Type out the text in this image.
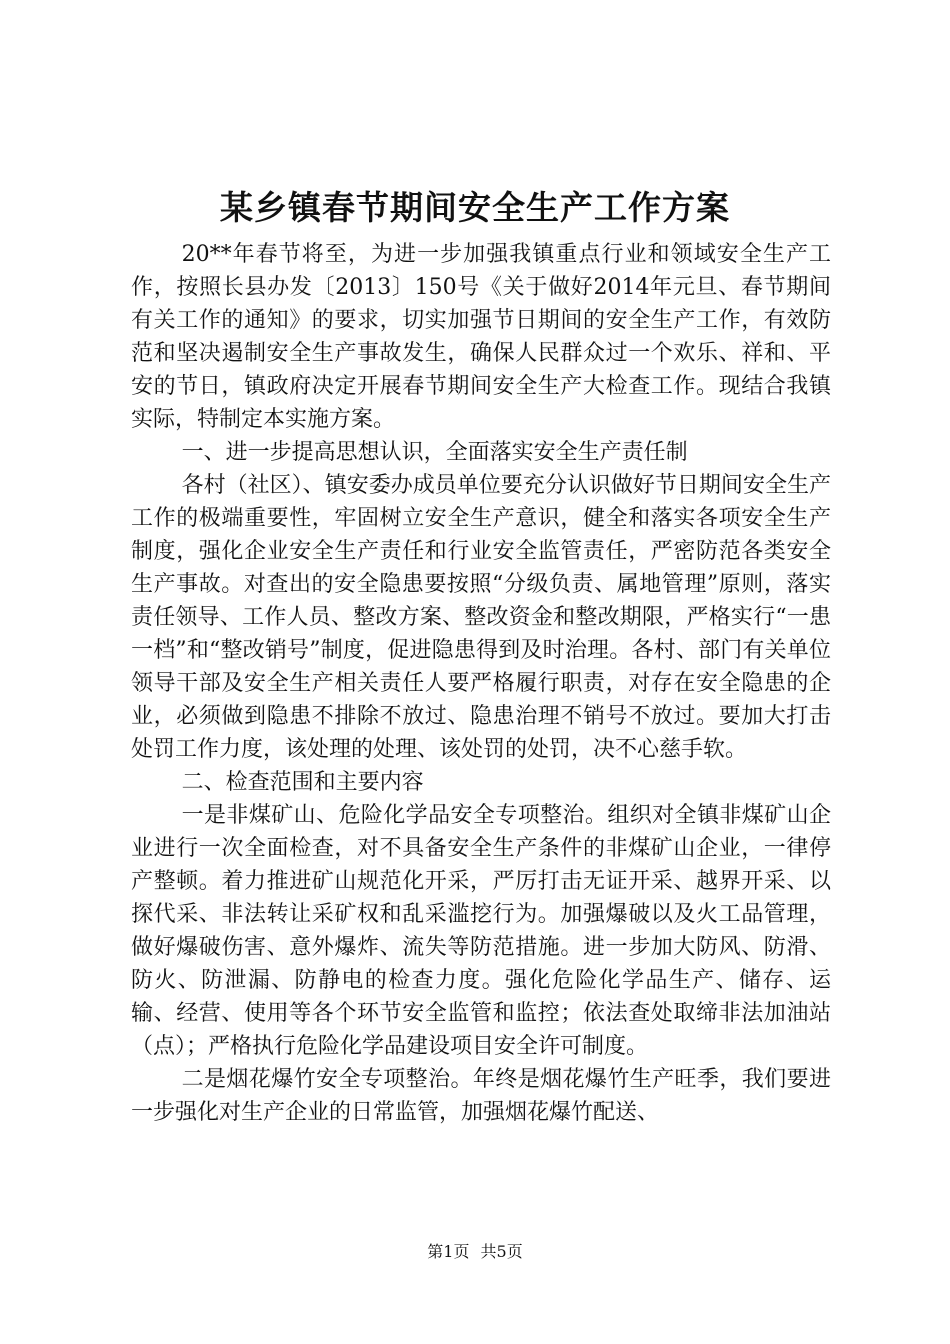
某乡镇春节期间安全生产工作方案

20**年春节将至，为进一步加强我镇重点行业和领域安全生产工作，按照长县办发〔2013〕150号《关于做好2014年元旦、春节期间有关工作的通知》的要求，切实加强节日期间的安全生产工作，有效防范和坚决遏制安全生产事故发生，确保人民群众过一个欢乐、祥和、平安的节日，镇政府决定开展春节期间安全生产大检查工作。现结合我镇实际，特制定本实施方案。

一、进一步提高思想认识，全面落实安全生产责任制

各村（社区）、镇安委办成员单位要充分认识做好节日期间安全生产工作的极端重要性，牢固树立安全生产意识，健全和落实各项安全生产制度，强化企业安全生产责任和行业安全监管责任，严密防范各类安全生产事故。对查出的安全隐患要按照“分级负责、属地管理”原则，落实责任领导、工作人员、整改方案、整改资金和整改期限，严格实行“一患一档”和“整改销号”制度，促进隐患得到及时治理。各村、部门有关单位领导干部及安全生产相关责任人要严格履行职责，对存在安全隐患的企业，必须做到隐患不排除不放过、隐患治理不销号不放过。要加大打击处罚工作力度，该处理的处理、该处罚的处罚，决不心慈手软。

二、检查范围和主要内容

一是非煤矿山、危险化学品安全专项整治。组织对全镇非煤矿山企业进行一次全面检查，对不具备安全生产条件的非煤矿山企业，一律停产整顿。着力推进矿山规范化开采，严厉打击无证开采、越界开采、以探代采、非法转让采矿权和乱采滥挖行为。加强爆破以及火工品管理，做好爆破伤害、意外爆炸、流失等防范措施。进一步加大防风、防滑、防火、防泄漏、防静电的检查力度。强化危险化学品生产、储存、运输、经营、使用等各个环节安全监管和监控；依法查处取缔非法加油站（点）；严格执行危险化学品建设项目安全许可制度。

二是烟花爆竹安全专项整治。年终是烟花爆竹生产旺季，我们要进一步强化对生产企业的日常监管，加强烟花爆竹配送、

第1页 共5页
